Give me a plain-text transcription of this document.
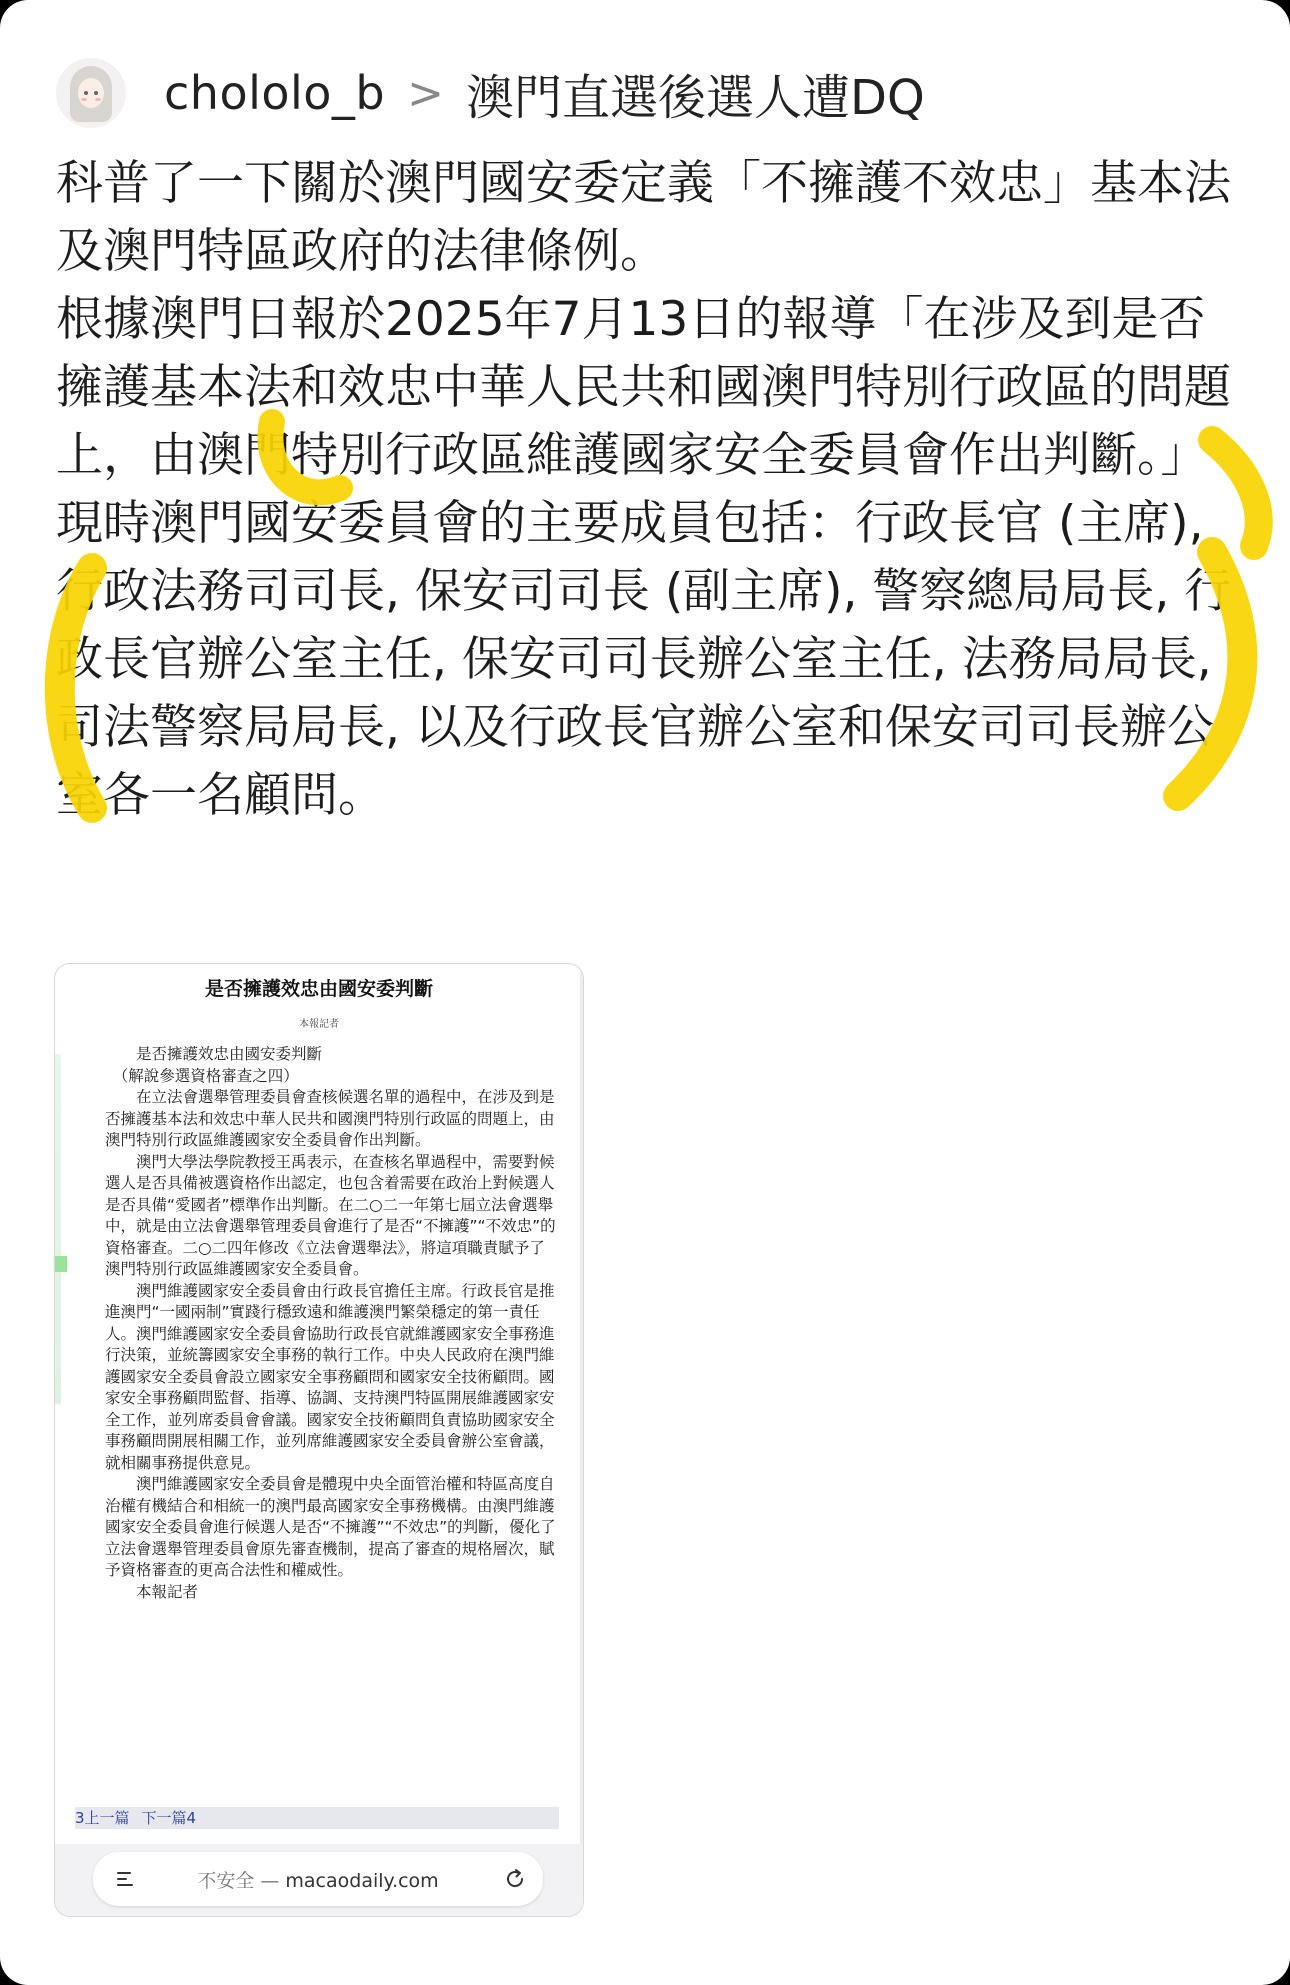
chololo_b > 澳門直選後選人遭DQ

科普了一下關於澳門國安委定義「不擁護不效忠」基本法及澳門特區政府的法律條例。

根據澳門日報於2025年7月13日的報導「在涉及到是否擁護基本法和效忠中華人民共和國澳門特別行政區的問題上，由澳門特別行政區維護國家安全委員會作出判斷。」

現時澳門國安委員會的主要成員包括：行政長官 (主席), 行政法務司司長, 保安司司長 (副主席), 警察總局局長, 行政長官辦公室主任, 保安司司長辦公室主任, 法務局局長, 司法警察局局長, 以及行政長官辦公室和保安司司長辦公室各一名顧問。

是否擁護效忠由國安委判斷
本報記者

是否擁護效忠由國安委判斷

（解說參選資格審查之四）

在立法會選舉管理委員會查核候選名單的過程中，在涉及到是否擁護基本法和效忠中華人民共和國澳門特別行政區的問題上，由澳門特別行政區維護國家安全委員會作出判斷。

澳門大學法學院教授王禹表示，在查核名單過程中，需要對候選人是否具備被選資格作出認定，也包含着需要在政治上對候選人是否具備“愛國者”標準作出判斷。在二○二一年第七屆立法會選舉中，就是由立法會選舉管理委員會進行了是否“不擁護”“不效忠”的資格審查。二○二四年修改《立法會選舉法》，將這項職責賦予了澳門特別行政區維護國家安全委員會。

澳門維護國家安全委員會由行政長官擔任主席。行政長官是推進澳門“一國兩制”實踐行穩致遠和維護澳門繁榮穩定的第一責任人。澳門維護國家安全委員會協助行政長官就維護國家安全事務進行決策，並統籌國家安全事務的執行工作。中央人民政府在澳門維護國家安全委員會設立國家安全事務顧問和國家安全技術顧問。國家安全事務顧問監督、指導、協調、支持澳門特區開展維護國家安全工作，並列席委員會會議。國家安全技術顧問負責協助國家安全事務顧問開展相關工作，並列席維護國家安全委員會辦公室會議，就相關事務提供意見。

澳門維護國家安全委員會是體現中央全面管治權和特區高度自治權有機結合和相統一的澳門最高國家安全事務機構。由澳門維護國家安全委員會進行候選人是否“不擁護”“不效忠”的判斷，優化了立法會選舉管理委員會原先審查機制，提高了審查的規格層次，賦予資格審查的更高合法性和權威性。

本報記者

3上一篇 下一篇4
不安全 — macaodaily.com
